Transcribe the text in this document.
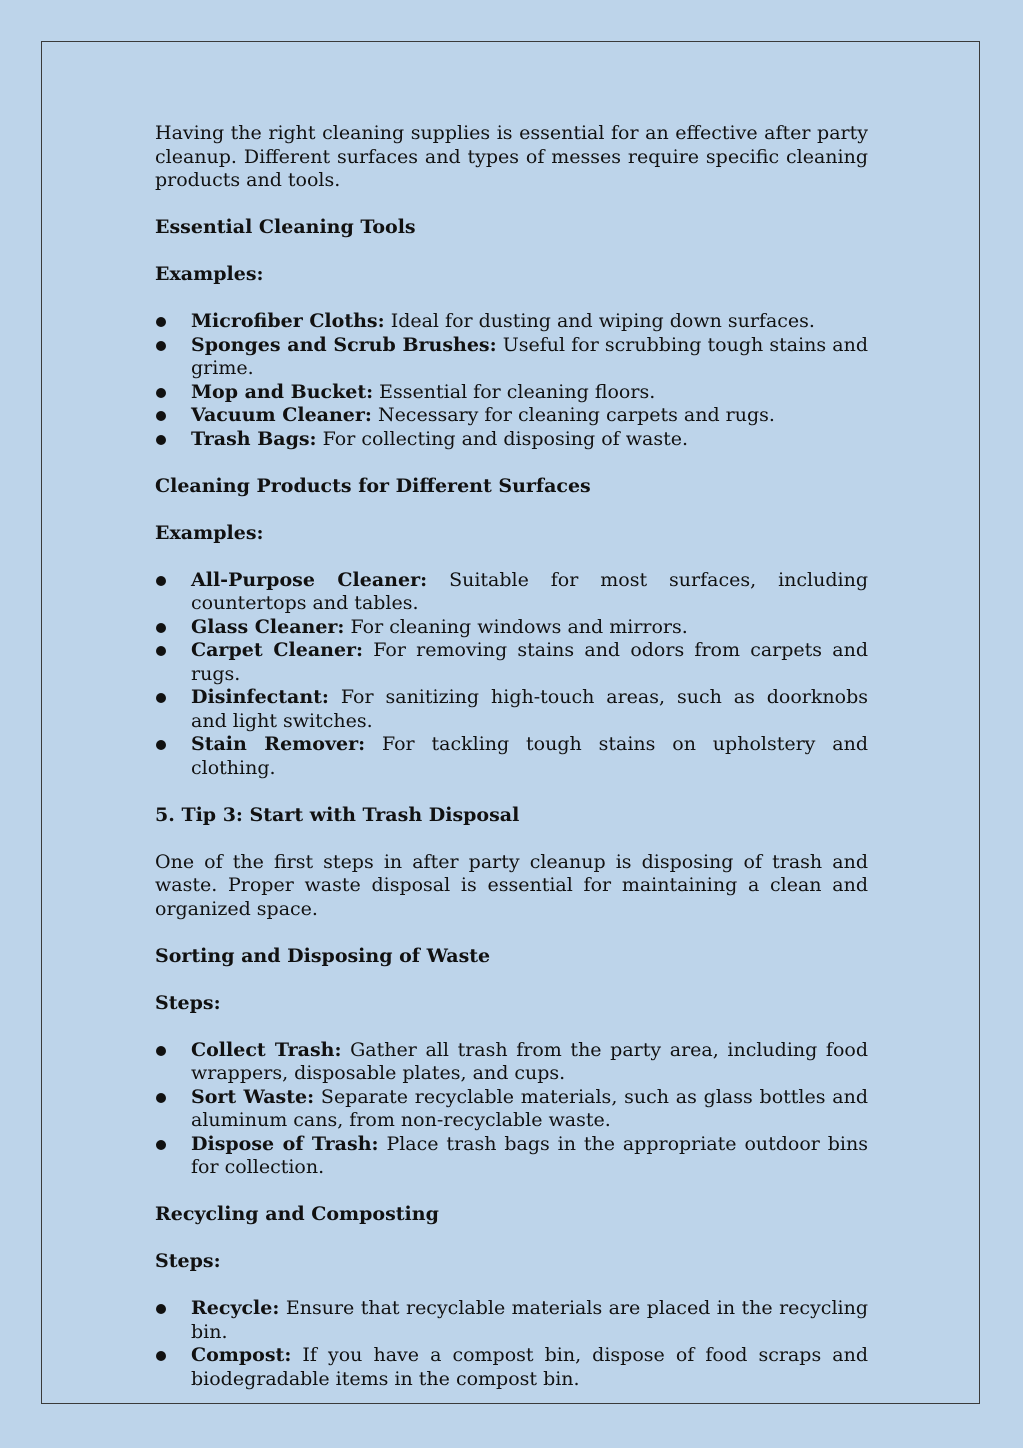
Having the right cleaning supplies is essential for an effective after party cleanup. Different surfaces and types of messes require specific cleaning products and tools.

Essential Cleaning Tools

Examples:

Microfiber Cloths: Ideal for dusting and wiping down surfaces.
Sponges and Scrub Brushes: Useful for scrubbing tough stains and grime.
Mop and Bucket: Essential for cleaning floors.
Vacuum Cleaner: Necessary for cleaning carpets and rugs.
Trash Bags: For collecting and disposing of waste.

Cleaning Products for Different Surfaces

Examples:

All-Purpose Cleaner: Suitable for most surfaces, including countertops and tables.
Glass Cleaner: For cleaning windows and mirrors.
Carpet Cleaner: For removing stains and odors from carpets and rugs.
Disinfectant: For sanitizing high-touch areas, such as doorknobs and light switches.
Stain Remover: For tackling tough stains on upholstery and clothing.

5. Tip 3: Start with Trash Disposal

One of the first steps in after party cleanup is disposing of trash and waste. Proper waste disposal is essential for maintaining a clean and organized space.

Sorting and Disposing of Waste

Steps:

Collect Trash: Gather all trash from the party area, including food wrappers, disposable plates, and cups.
Sort Waste: Separate recyclable materials, such as glass bottles and aluminum cans, from non-recyclable waste.
Dispose of Trash: Place trash bags in the appropriate outdoor bins for collection.

Recycling and Composting

Steps:

Recycle: Ensure that recyclable materials are placed in the recycling bin.
Compost: If you have a compost bin, dispose of food scraps and biodegradable items in the compost bin.
